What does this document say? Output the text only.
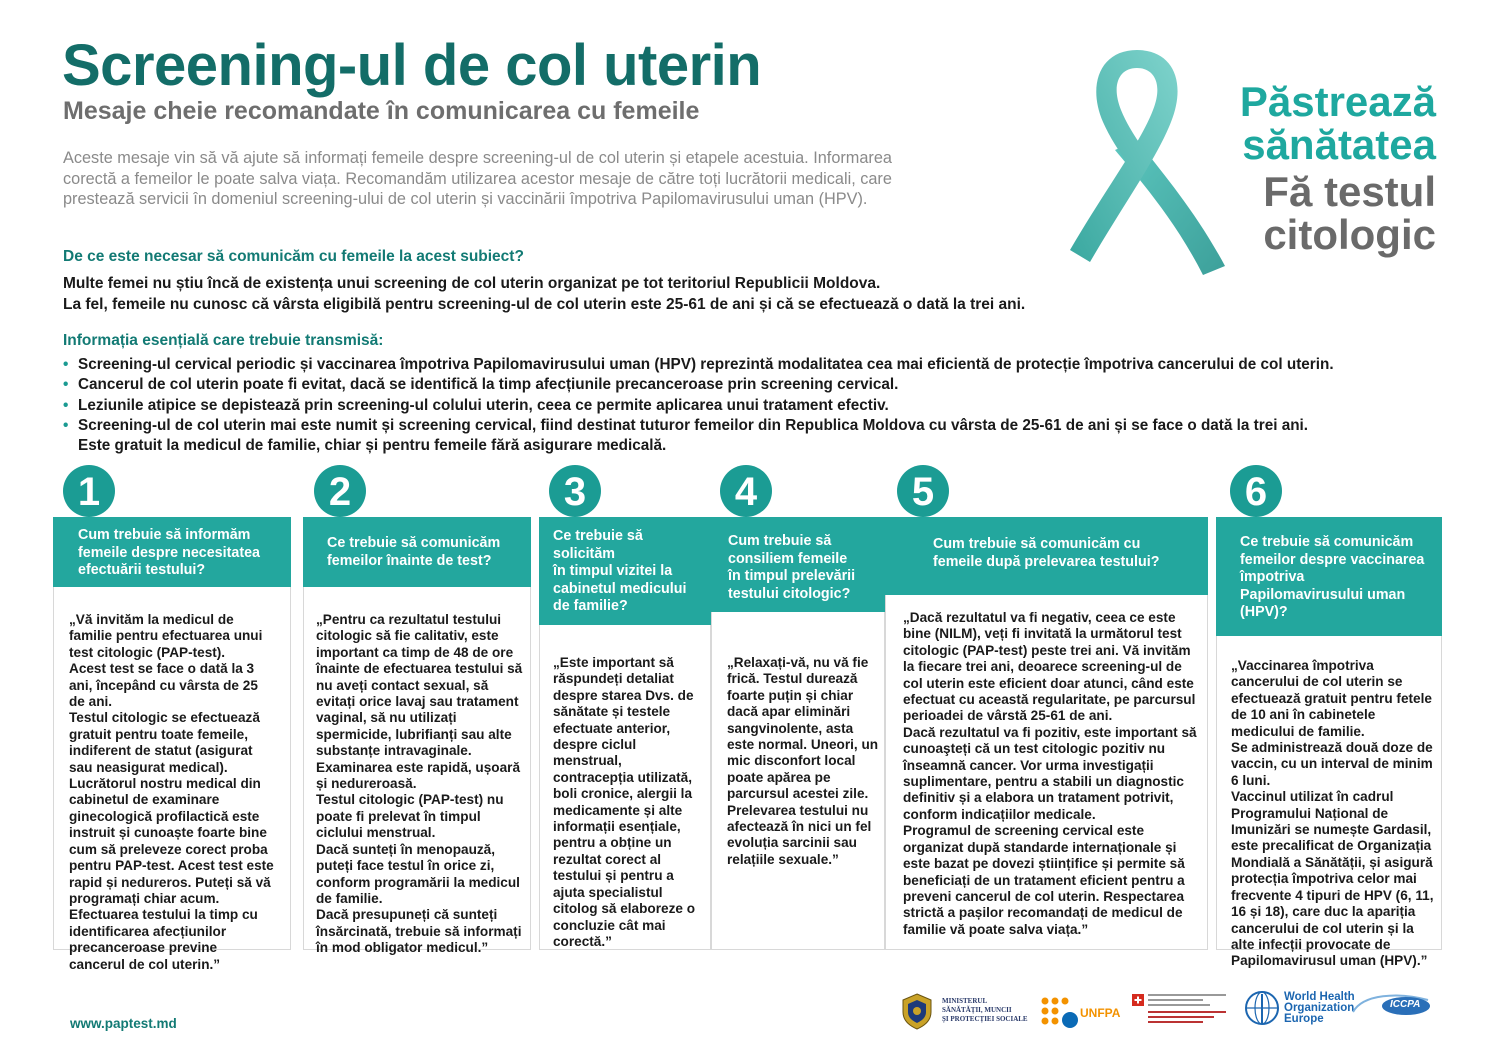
Screening-ul de col uterin
Mesaje cheie recomandate în comunicarea cu femeile
Aceste mesaje vin să vă ajute să informați femeile despre screening-ul de col uterin și etapele acestuia. Informarea corectă a femeilor le poate salva viața. Recomandăm utilizarea acestor mesaje de către toți lucrătorii medicali, care prestează servicii în domeniul screening-ului de col uterin și vaccinării împotriva Papilomavirusului uman (HPV).
Păstrează
sănătatea
Fă testul
citologic
De ce este necesar să comunicăm cu femeile la acest subiect?
Multe femei nu știu încă de existența unui screening de col uterin organizat pe tot teritoriul Republicii Moldova.
La fel, femeile nu cunosc că vârsta eligibilă pentru screening-ul de col uterin este 25-61 de ani și că se efectuează o dată la trei ani.
Informația esențială care trebuie transmisă:
• Screening-ul cervical periodic și vaccinarea împotriva Papilomavirusului uman (HPV) reprezintă modalitatea cea mai eficientă de protecție împotriva cancerului de col uterin.
• Cancerul de col uterin poate fi evitat, dacă se identifică la timp afecțiunile precanceroase prin screening cervical.
• Leziunile atipice se depistează prin screening-ul colului uterin, ceea ce permite aplicarea unui tratament efectiv.
• Screening-ul de col uterin mai este numit și screening cervical, fiind destinat tuturor femeilor din Republica Moldova cu vârsta de 25-61 de ani și se face o dată la trei ani.
Este gratuit la medicul de familie, chiar și pentru femeile fără asigurare medicală.
1
Cum trebuie să informăm femeile despre necesitatea efectuării testului?
„Vă invităm la medicul de familie pentru efectuarea unui test citologic (PAP-test).
Acest test se face o dată la 3 ani, începând cu vârsta de 25 de ani.
Testul citologic se efectuează gratuit pentru toate femeile, indiferent de statut (asigurat sau neasigurat medical).
Lucrătorul nostru medical din cabinetul de examinare ginecologică profilactică este instruit și cunoaște foarte bine cum să preleveze corect proba pentru PAP-test. Acest test este rapid și nedureros. Puteți să vă programați chiar acum.
Efectuarea testului la timp cu identificarea afecțiunilor precanceroase previne cancerul de col uterin.”
2
Ce trebuie să comunicăm femeilor înainte de test?
„Pentru ca rezultatul testului citologic să fie calitativ, este important ca timp de 48 de ore înainte de efectuarea testului să nu aveți contact sexual, să evitați orice lavaj sau tratament vaginal, să nu utilizați spermicide, lubrifianți sau alte substanțe intravaginale.
Examinarea este rapidă, ușoară și nedureroasă.
Testul citologic (PAP-test) nu poate fi prelevat în timpul ciclului menstrual.
Dacă sunteți în menopauză, puteți face testul în orice zi, conform programării la medicul de familie.
Dacă presupuneți că sunteți însărcinată, trebuie să informați în mod obligator medicul.”
3
Ce trebuie să solicităm
în timpul vizitei la cabinetul medicului de familie?
„Este important să răspundeți detaliat despre starea Dvs. de sănătate și testele efectuate anterior, despre ciclul menstrual, contracepția utilizată, boli cronice, alergii la medicamente și alte informații esențiale, pentru a obține un rezultat corect al testului și pentru a ajuta specialistul citolog să elaboreze o concluzie cât mai corectă.”
4
Cum trebuie să consiliem femeile
în timpul prelevării testului citologic?
„Relaxați-vă, nu vă fie frică. Testul durează foarte puțin și chiar dacă apar eliminări sangvinolente, asta este normal. Uneori, un mic disconfort local poate apărea pe parcursul acestei zile. Prelevarea testului nu afectează în nici un fel evoluția sarcinii sau relațiile sexuale.”
5
Cum trebuie să comunicăm cu
femeile după prelevarea testului?
„Dacă rezultatul va fi negativ, ceea ce este bine (NILM), veți fi invitată la următorul test citologic (PAP-test) peste trei ani. Vă invităm la fiecare trei ani, deoarece screening-ul de col uterin este eficient doar atunci, când este efectuat cu această regularitate, pe parcursul perioadei de vârstă 25-61 de ani.
Dacă rezultatul va fi pozitiv, este important să cunoaşteți că un test citologic pozitiv nu înseamnă cancer. Vor urma investigații suplimentare, pentru a stabili un diagnostic definitiv și a elabora un tratament potrivit, conform indicațiilor medicale.
Programul de screening cervical este organizat după standarde internaționale și este bazat pe dovezi științifice și permite să beneficiați de un tratament eficient pentru a preveni cancerul de col uterin. Respectarea strictă a pașilor recomandați de medicul de familie vă poate salva viața.”
6
Ce trebuie să comunicăm femeilor despre vaccinarea împotriva Papilomavirusului uman (HPV)?
„Vaccinarea împotriva cancerului de col uterin se efectuează gratuit pentru fetele de 10 ani în cabinetele medicului de familie.
Se administrează două doze de vaccin, cu un interval de minim 6 luni.
Vaccinul utilizat în cadrul Programului Național de Imunizări se numește Gardasil, este precalificat de Organizația Mondială a Sănătății, și asigură protecția împotriva celor mai frecvente 4 tipuri de HPV (6, 11, 16 și 18), care duc la apariția cancerului de col uterin și la alte infecții provocate de Papilomavirusul uman (HPV).”
www.paptest.md
MINISTERUL
SĂNĂTĂȚII, MUNCII
ȘI PROTECȚIEI SOCIALE	UNFPA
World Health
Organization
Europe
ICCPA
